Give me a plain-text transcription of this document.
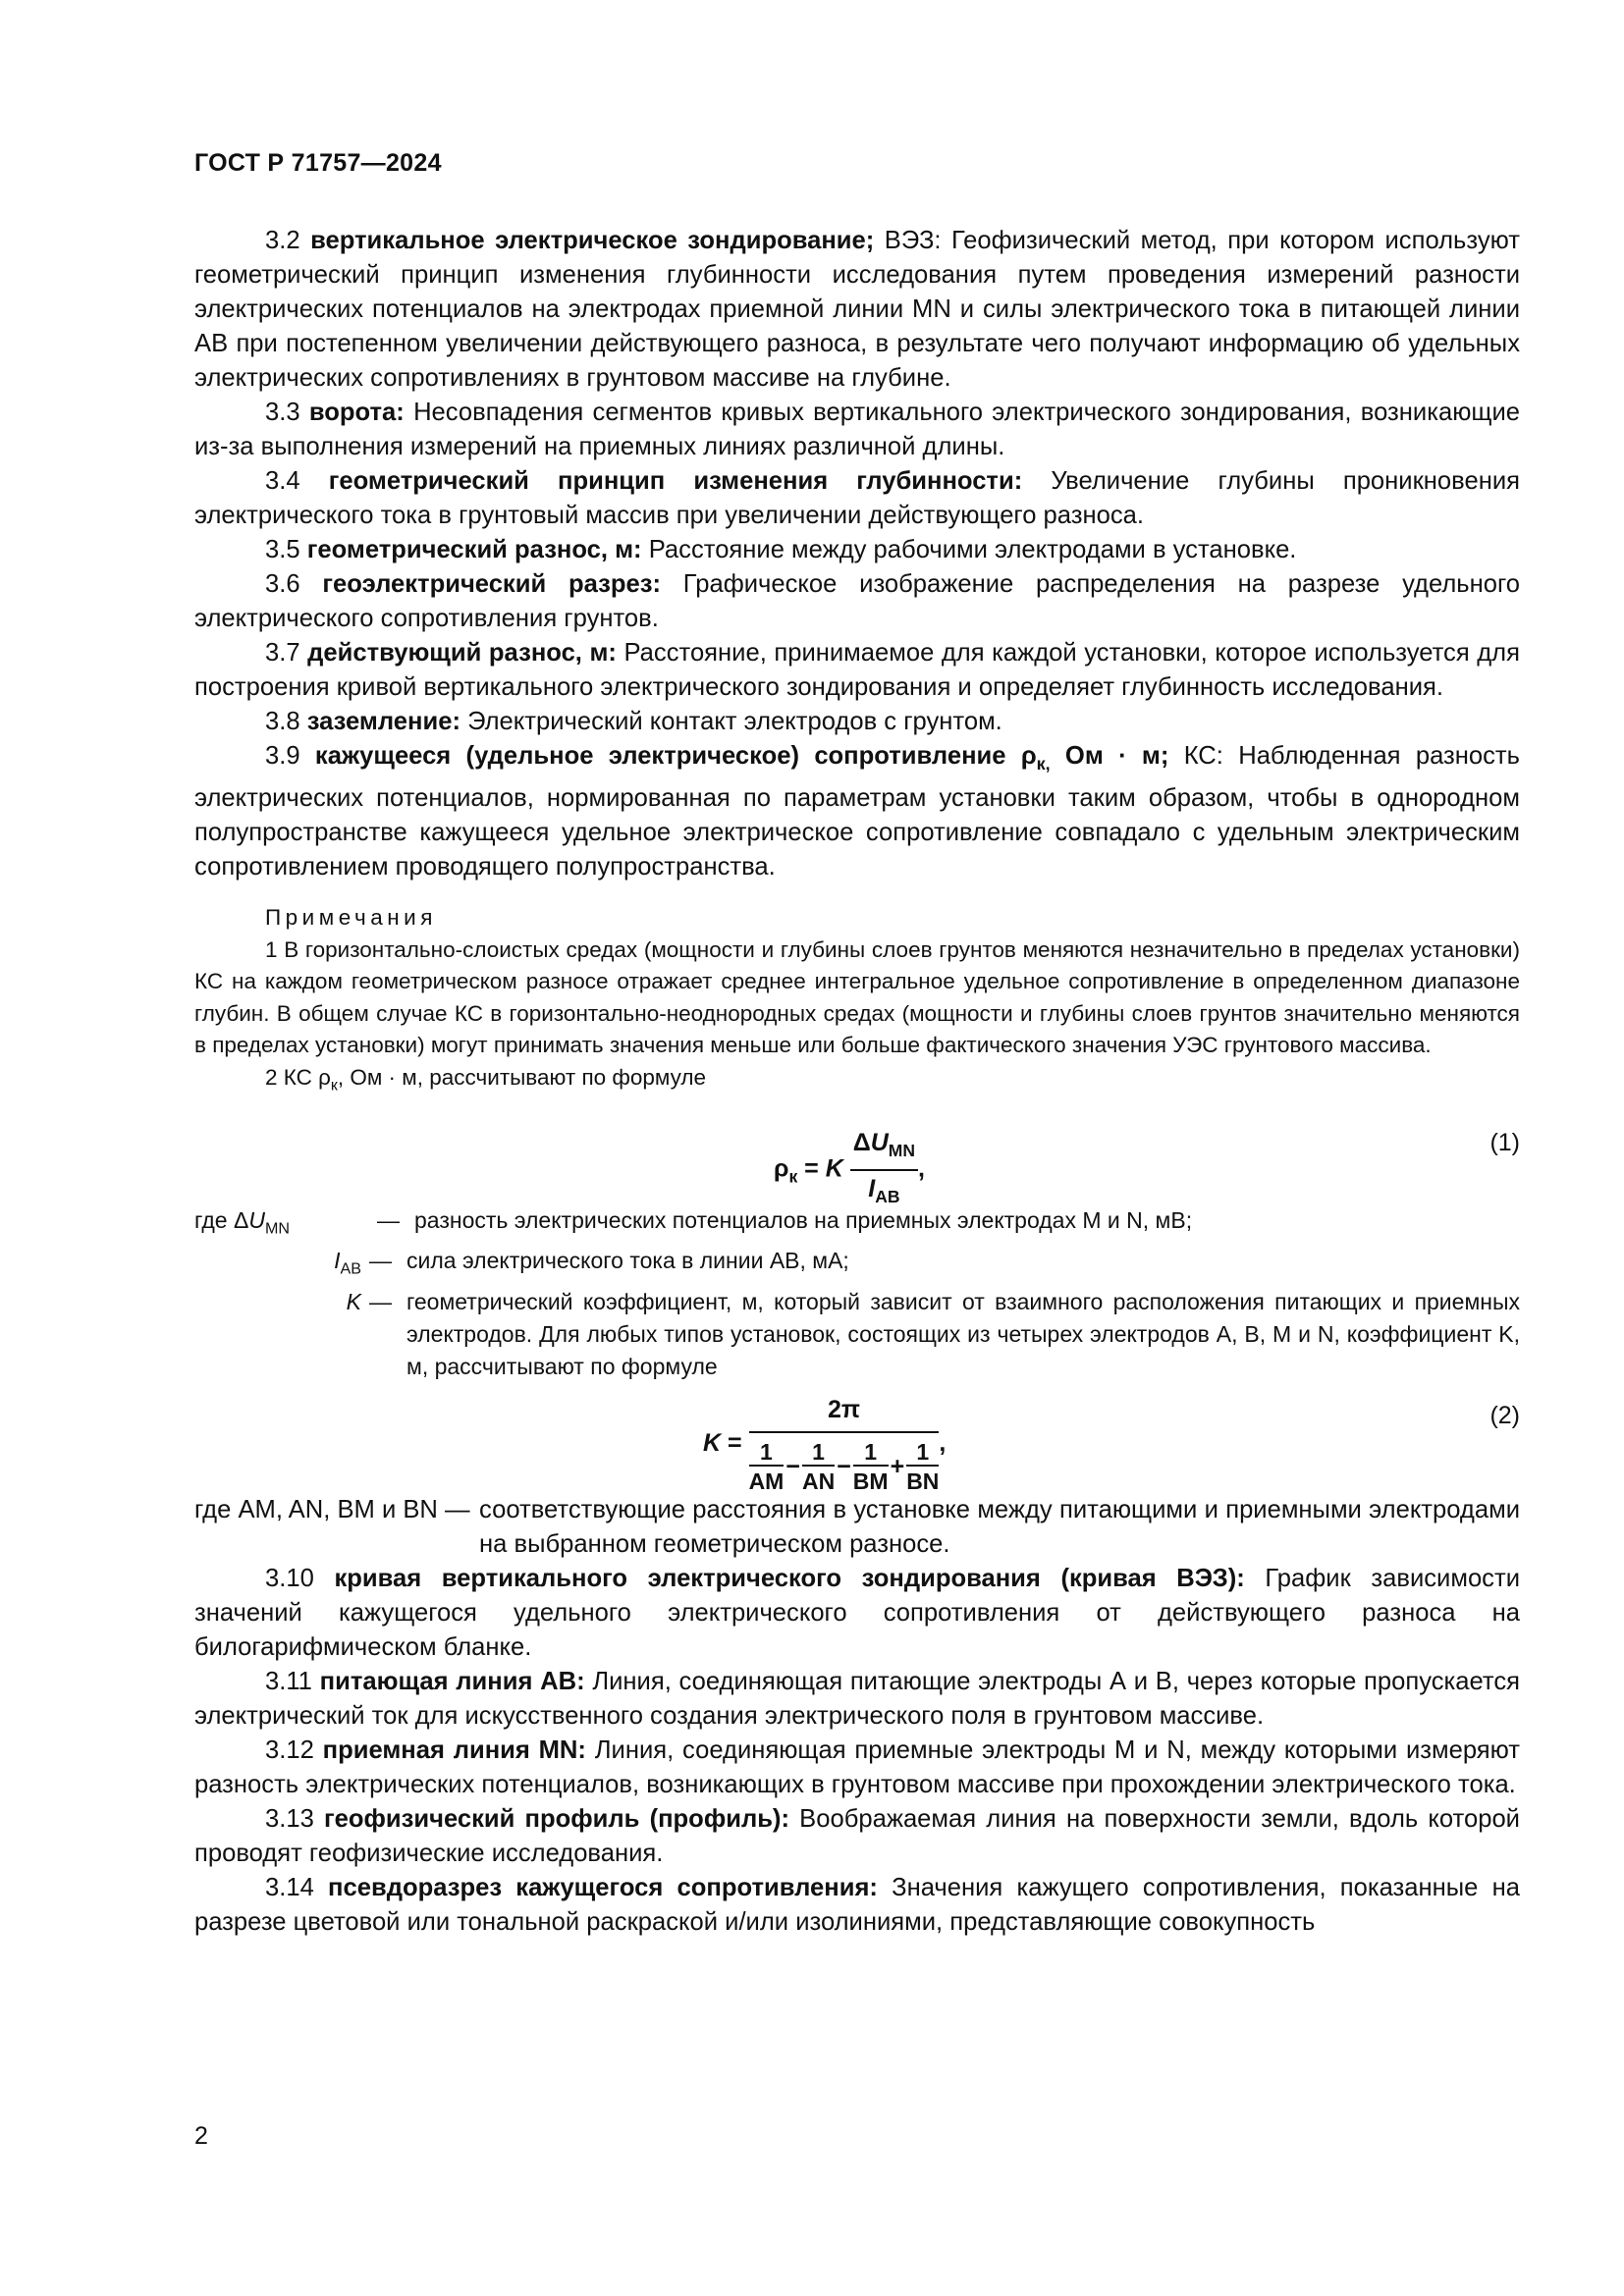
ГОСТ Р 71757—2024

3.2 вертикальное электрическое зондирование; ВЭЗ: Геофизический метод, при котором используют геометрический принцип изменения глубинности исследования путем проведения измерений разности электрических потенциалов на электродах приемной линии MN и силы электрического тока в питающей линии АВ при постепенном увеличении действующего разноса, в результате чего получают информацию об удельных электрических сопротивлениях в грунтовом массиве на глубине.

3.3 ворота: Несовпадения сегментов кривых вертикального электрического зондирования, возникающие из-за выполнения измерений на приемных линиях различной длины.

3.4 геометрический принцип изменения глубинности: Увеличение глубины проникновения электрического тока в грунтовый массив при увеличении действующего разноса.

3.5 геометрический разнос, м: Расстояние между рабочими электродами в установке.

3.6 геоэлектрический разрез: Графическое изображение распределения на разрезе удельного электрического сопротивления грунтов.

3.7 действующий разнос, м: Расстояние, принимаемое для каждой установки, которое используется для построения кривой вертикального электрического зондирования и определяет глубинность исследования.

3.8 заземление: Электрический контакт электродов с грунтом.

3.9 кажущееся (удельное электрическое) сопротивление $\rho_{к,}$ Ом · м; КС: Наблюденная разность электрических потенциалов, нормированная по параметрам установки таким образом, чтобы в однородном полупространстве кажущееся удельное электрическое сопротивление совпадало с удельным электрическим сопротивлением проводящего полупространства.

Примечания
1 В горизонтально-слоистых средах (мощности и глубины слоев грунтов меняются незначительно в пределах установки) КС на каждом геометрическом разносе отражает среднее интегральное удельное сопротивление в определенном диапазоне глубин. В общем случае КС в горизонтально-неоднородных средах (мощности и глубины слоев грунтов значительно меняются в пределах установки) могут принимать значения меньше или больше фактического значения УЭС грунтового массива.
2 КС $\rho_к$, Ом · м, рассчитывают по формуле
$\rho_к = K \frac{\Delta U_{MN}}{I_{AB}}$ ,
(1)
где $\Delta U_{MN}$	— разность электрических потенциалов на приемных электродах М и N, мВ;
$I_{AB}$ — сила электрического тока в линии АВ, мА;
K — геометрический коэффициент, м, который зависит от взаимного расположения питающих и приемных электродов. Для любых типов установок, состоящих из четырех электродов А, В, М и N, коэффициент K, м, рассчитывают по формуле
$K = \frac{2\pi}{\frac{1}{AM} - \frac{1}{AN} - \frac{1}{BM} + \frac{1}{BN}}$ ,
(2)
где AM, AN, BM и BN — соответствующие расстояния в установке между питающими и приемными электродами на выбранном геометрическом разносе.

3.10 кривая вертикального электрического зондирования (кривая ВЭЗ): График зависимости значений кажущегося удельного электрического сопротивления от действующего разноса на билогарифмическом бланке.

3.11 питающая линия АВ: Линия, соединяющая питающие электроды А и В, через которые пропускается электрический ток для искусственного создания электрического поля в грунтовом массиве.

3.12 приемная линия MN: Линия, соединяющая приемные электроды M и N, между которыми измеряют разность электрических потенциалов, возникающих в грунтовом массиве при прохождении электрического тока.

3.13 геофизический профиль (профиль): Воображаемая линия на поверхности земли, вдоль которой проводят геофизические исследования.

3.14 псевдоразрез кажущегося сопротивления: Значения кажущего сопротивления, показанные на разрезе цветовой или тональной раскраской и/или изолиниями, представляющие совокупность

2
